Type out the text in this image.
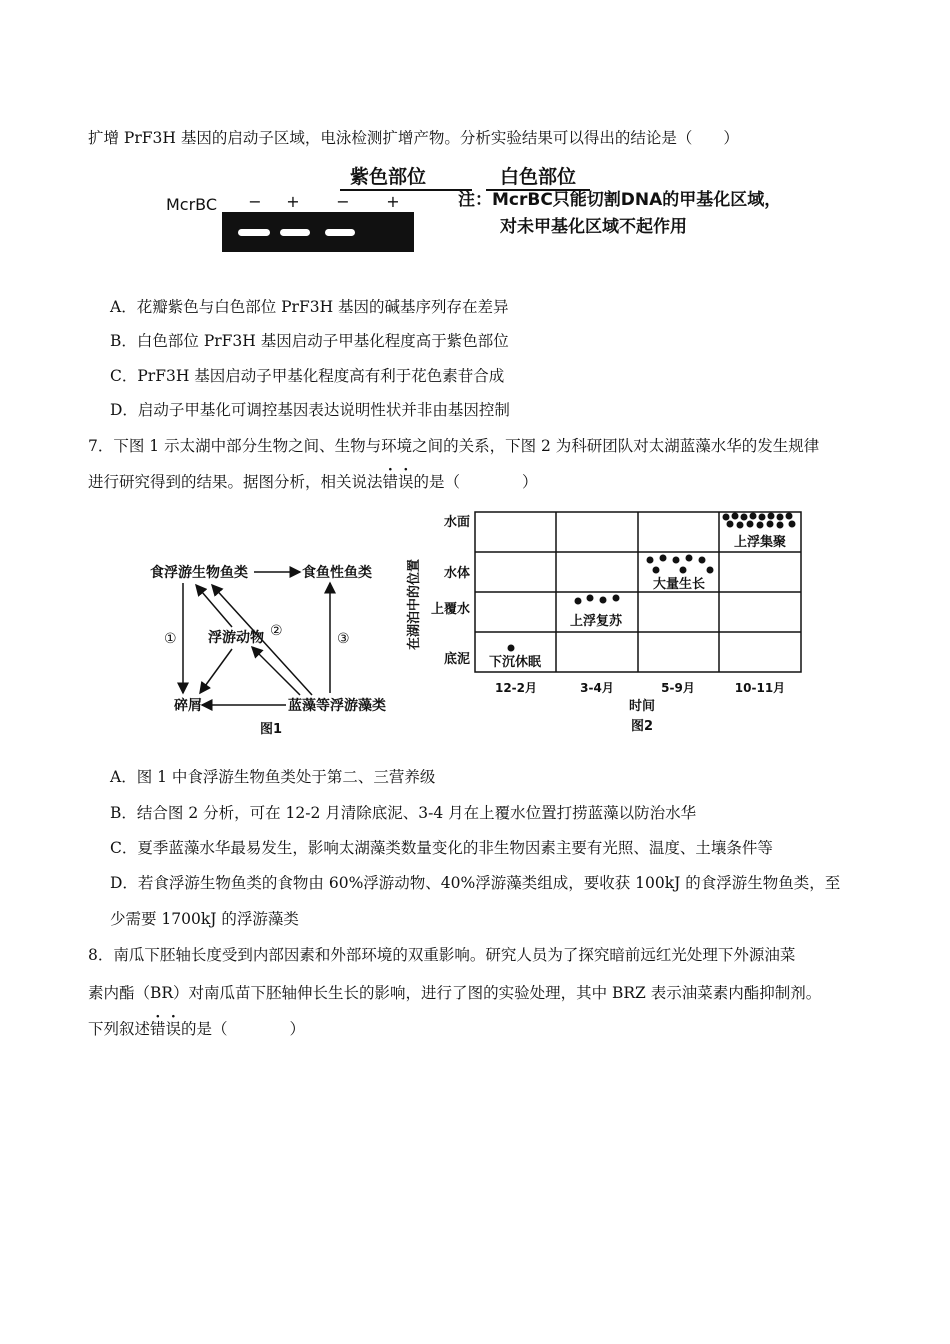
扩增 PrF3H 基因的启动子区域，电泳检测扩增产物。分析实验结果可以得出的结论是（　　）
紫色部位	白色部位
McrBC − + − +	注：McrBC只能切割DNA的甲基化区域，
对未甲基化区域不起作用
A．花瓣紫色与白色部位 PrF3H 基因的碱基序列存在差异
B．白色部位 PrF3H 基因启动子甲基化程度高于紫色部位
C．PrF3H 基因启动子甲基化程度高有利于花色素苷合成
D．启动子甲基化可调控基因表达说明性状并非由基因控制
7．下图 1 示太湖中部分生物之间、生物与环境之间的关系，下图 2 为科研团队对太湖蓝藻水华的发生规律
进行研究得到的结果。据图分析，相关说法错误的是（　　　　）
食浮游生物鱼类	食鱼性鱼类
浮游动物
碎屑	蓝藻等浮游藻类
①	③
②
图1
水面
水体
上覆水
底泥
在湖泊中的位置
12-2月	3-4月	5-9月	10-11月
时间
图2
下沉休眠
上浮复苏
大量生长
上浮集聚
A．图 1 中食浮游生物鱼类处于第二、三营养级
B．结合图 2 分析，可在 12-2 月清除底泥、3-4 月在上覆水位置打捞蓝藻以防治水华
C．夏季蓝藻水华最易发生，影响太湖藻类数量变化的非生物因素主要有光照、温度、土壤条件等
D．若食浮游生物鱼类的食物由 60%浮游动物、40%浮游藻类组成，要收获 100kJ 的食浮游生物鱼类，至
少需要 1700kJ 的浮游藻类
8．南瓜下胚轴长度受到内部因素和外部环境的双重影响。研究人员为了探究暗前远红光处理下外源油菜
素内酯（BR）对南瓜苗下胚轴伸长生长的影响，进行了图的实验处理，其中 BRZ 表示油菜素内酯抑制剂。
下列叙述错误的是（　　　　）
